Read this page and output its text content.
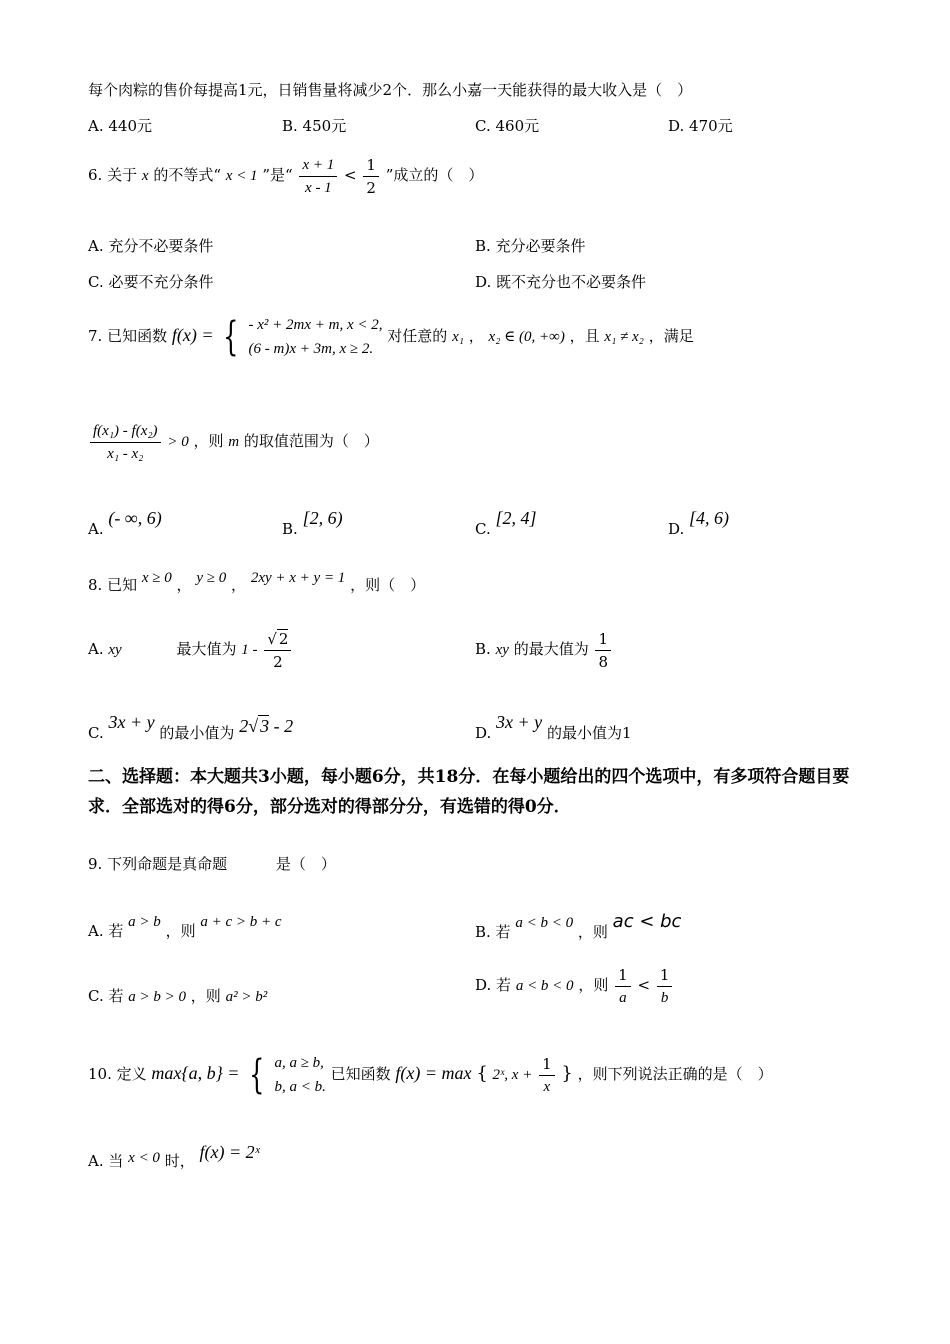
每个肉粽的售价每提高1元，日销售量将减少2个．那么小嘉一天能获得的最大收入是（　）
A. 440元	B. 450元	C. 460元	D. 470元
6. 关于 x 的不等式“ x < 1 ”是“ $\frac{x + 1}{x - 1} < \frac{1}{2}$ ”成立的（　）
A. 充分不必要条件	B. 充分必要条件
C. 必要不充分条件	D. 既不充分也不必要条件
7. 已知函数 f(x) = { - x² + 2mx + m, x < 2,
(6 - m)x + 3m, x ≥ 2.
对任意的 x₁ ， x₂ ∈ (0, +∞) ，且 x₁ ≠ x₂ ，满足
$\frac{\text{f(x₁) - f(x₂)}}{\text{x₁ - x₂}} > 0$ ，则 m 的取值范围为（　）
A. (- ∞, 6)
B. [2, 6)
C. [2, 4]
D. [4, 6)
8. 已知 x ≥ 0 ， y ≥ 0 ， 2xy + x + y = 1 ，则（　）
A. xy	最大值为 $1 - \frac{√ 2}{2}$	B. xy 的最大值为 $\frac{1}{8}$
C. 3x + y 的最小值为 2√ 3 - 2	D. 3x + y 的最小值为1
二、选择题：本大题共3小题，每小题6分，共18分．在每小题给出的四个选项中，有多项符合题目要求．全部选对的得6分，部分选对的得部分分，有选错的得0分．
9. 下列命题是真命题	是（　）
A. 若 a > b ，则 a + c > b + c
B. 若 a < b < 0 ，则 ac < bc
C. 若 a > b > 0 ，则 a² > b²
D. 若 a < b < 0 ，则 $\frac{1}{a} < \frac{1}{b}$
10. 定义 max{a, b} = { a, a ≥ b,
b, a < b.
已知函数 f(x) = max { 2ˣ, $x + \frac{1}{x}$ } ，则下列说法正确的是（　）
A. 当 x < 0 时， f(x) = 2ˣ
